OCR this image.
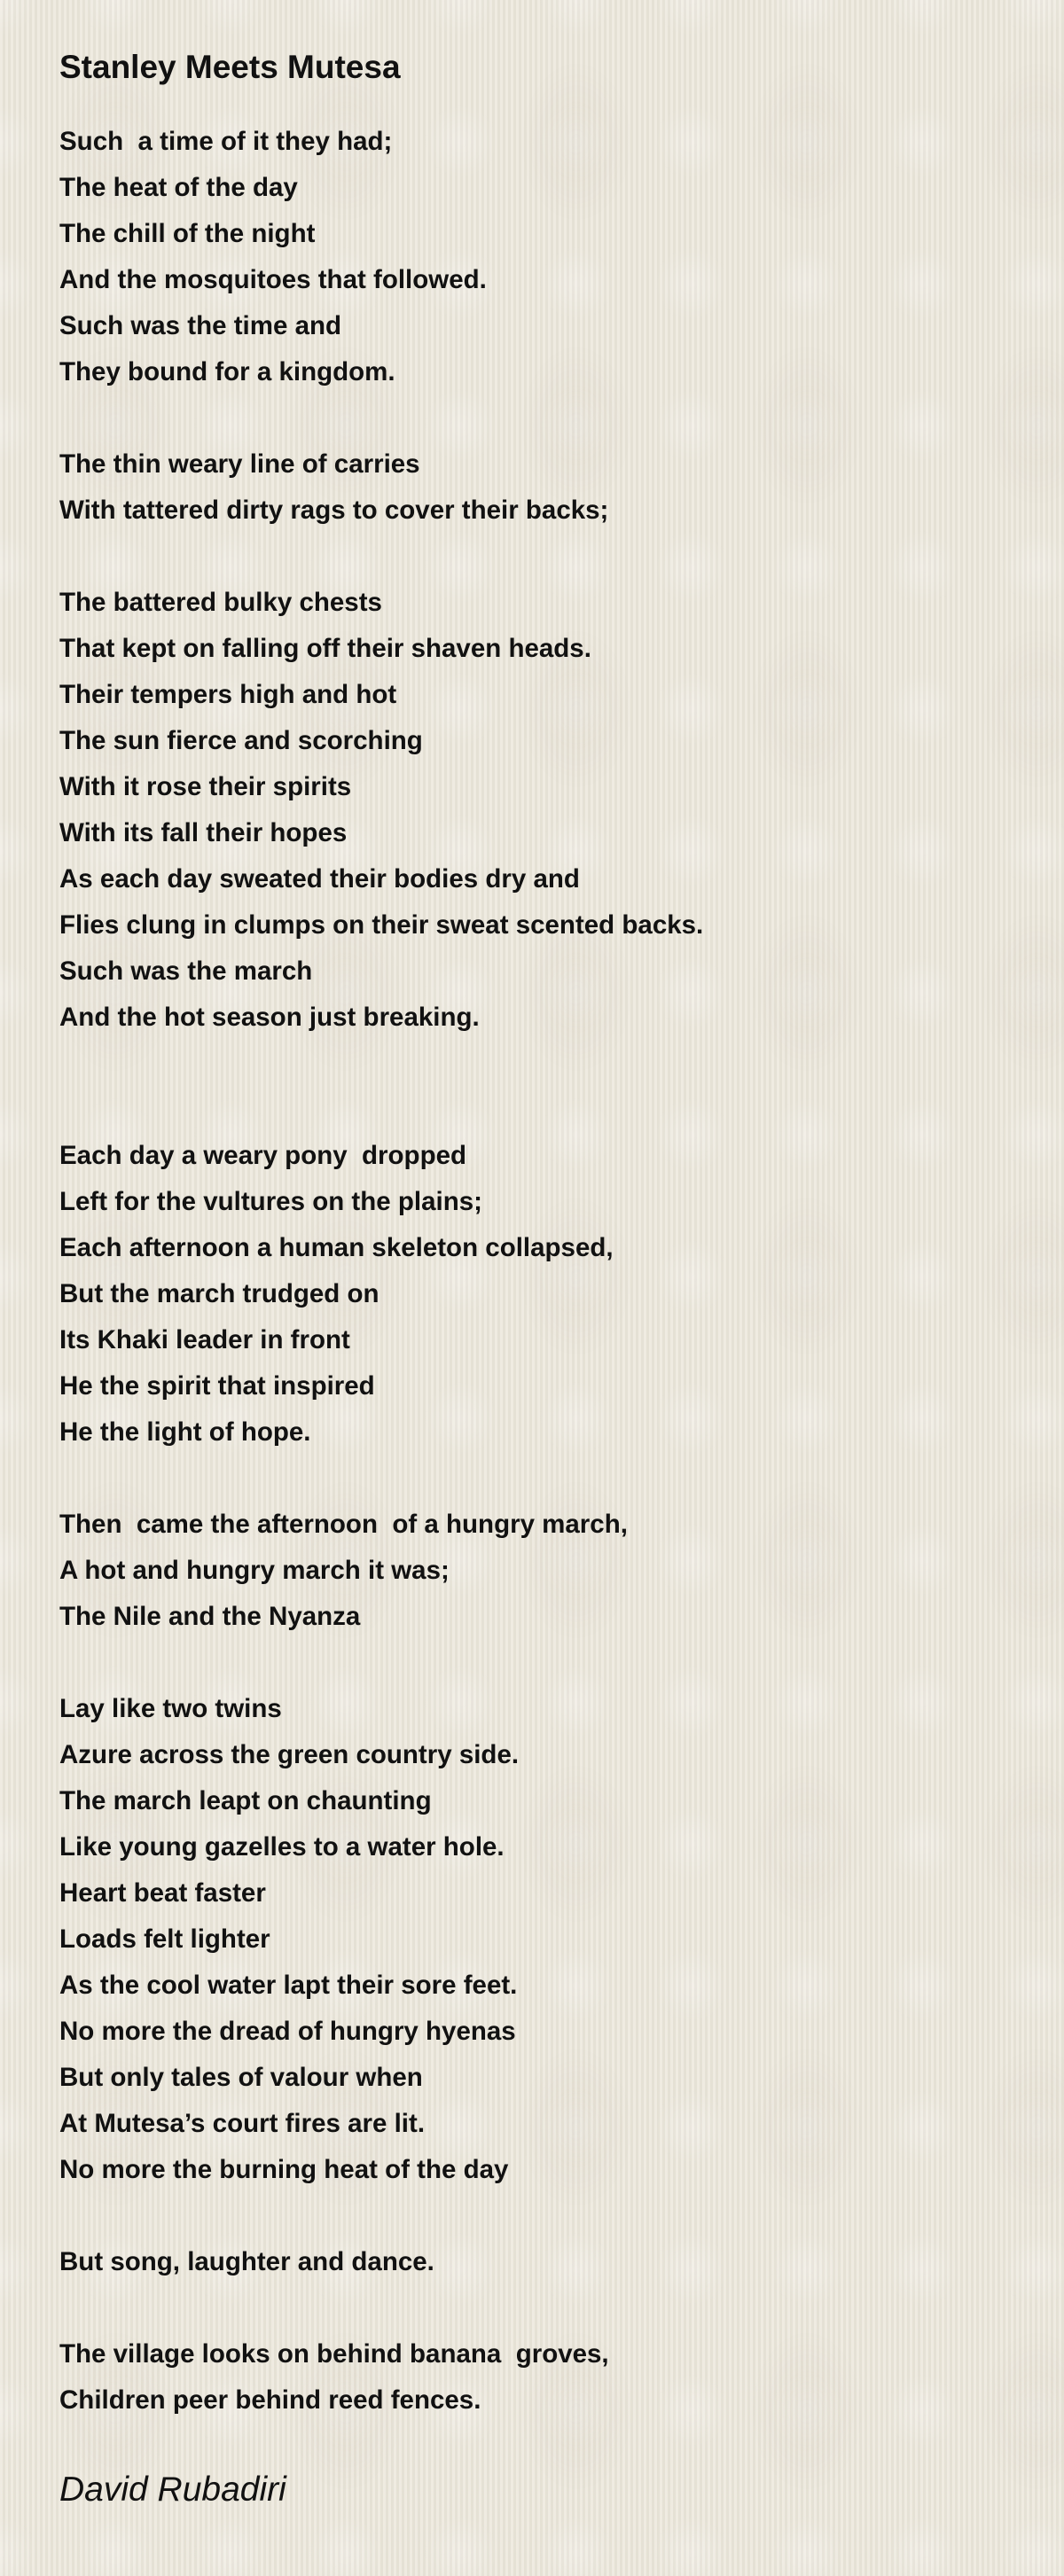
Stanley Meets Mutesa
Such  a time of it they had;
The heat of the day
The chill of the night
And the mosquitoes that followed.
Such was the time and
They bound for a kingdom.
The thin weary line of carries
With tattered dirty rags to cover their backs;
The battered bulky chests
That kept on falling off their shaven heads.
Their tempers high and hot
The sun fierce and scorching
With it rose their spirits
With its fall their hopes
As each day sweated their bodies dry and
Flies clung in clumps on their sweat scented backs.
Such was the march
And the hot season just breaking.
Each day a weary pony  dropped
Left for the vultures on the plains;
Each afternoon a human skeleton collapsed,
But the march trudged on
Its Khaki leader in front
He the spirit that inspired
He the light of hope.
Then  came the afternoon  of a hungry march,
A hot and hungry march it was;
The Nile and the Nyanza
Lay like two twins
Azure across the green country side.
The march leapt on chaunting
Like young gazelles to a water hole.
Heart beat faster
Loads felt lighter
As the cool water lapt their sore feet.
No more the dread of hungry hyenas
But only tales of valour when
At Mutesa’s court fires are lit.
No more the burning heat of the day
But song, laughter and dance.
The village looks on behind banana  groves,
Children peer behind reed fences.
David Rubadiri
